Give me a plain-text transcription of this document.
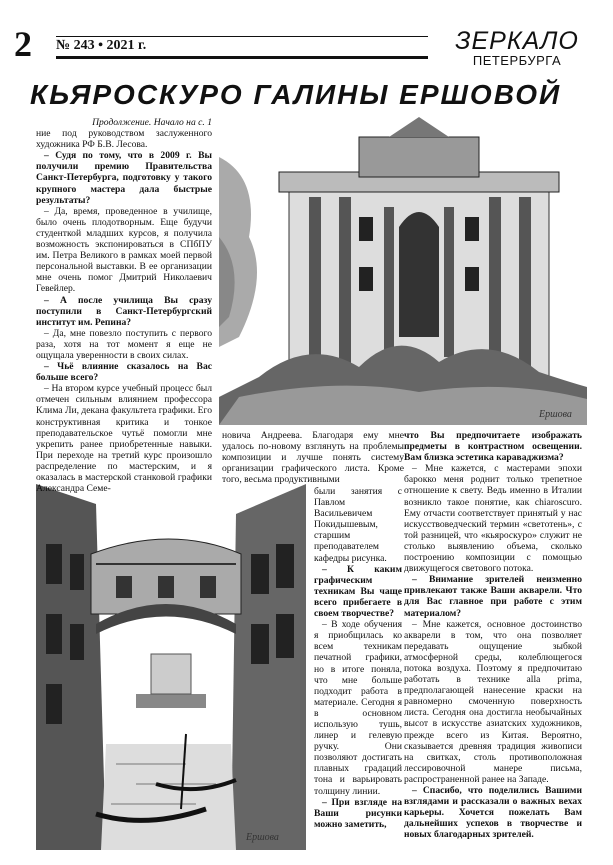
2 № 243 • 2021 г.	ЗЕРКАЛО
ПЕТЕРБУРГА
КЬЯРОСКУРО ГАЛИНЫ ЕРШОВОЙ
Ершова
Ершова

Продолжение. Начало на с. 1

ние под руководством заслуженного художника РФ Б.В. Лесова.

– Судя по тому, что в 2009 г. Вы получили премию Правительства Санкт-Петербурга, подготовку у такого крупного мастера дала быстрые результаты?

– Да, время, проведенное в училище, было очень плодотворным. Еще будучи студенткой младших курсов, я получила возможность экспонироваться в СПбПУ им. Петра Великого в рамках моей первой персональной выставки. В ее организации мне очень помог Дмитрий Николаевич Гевейлер.

– А после училища Вы сразу поступили в Санкт-Петербургский институт им. Репина?

– Да, мне повезло поступить с первого раза, хотя на тот момент я еще не ощущала уверенности в своих силах.

– Чьё влияние сказалось на Вас больше всего?

– На втором курсе учебный процесс был отмечен сильным влиянием профессора Клима Ли, декана факультета графики. Его конструктивная критика и тонкое преподавательское чутьё помогли мне укрепить ранее приобретенные навыки. При переходе на третий курс произошло распределение по мастерским, и я оказалась в мастерской станковой графики Александра Семе-

новича Андреева. Благодаря ему мне удалось по-новому взглянуть на проблемы композиции и лучше понять систему организации графического листа. Кроме того, весьма продуктивными

были занятия с Павлом Васильевичем Покидышевым, старшим преподавателем кафедры рисунка.

– К каким графическим техникам Вы чаще всего прибегаете в своем творчестве?

– В ходе обучения я приобщилась ко всем техникам печатной графики, но в итоге поняла, что мне больше подходит работа в материале. Сегодня я в основном использую тушь, линер и гелевую ручку. Они позволяют достигать плавных градаций тона и варьировать толщину линии.

– При взгляде на Ваши рисунки можно заметить,

что Вы предпочитаете изображать предметы в контрастном освещении. Вам близка эстетика караваджизма?

– Мне кажется, с мастерами эпохи барокко меня роднит только трепетное отношение к свету. Ведь именно в Италии возникло такое понятие, как chiaroscuro. Ему отчасти соответствует принятый у нас искусствоведческий термин «светотень», с той разницей, что «кьяроскуро» служит не столько выявлению объема, сколько построению композиции с помощью движущегося светового потока.

– Внимание зрителей неизменно привлекают также Ваши акварели. Что для Вас главное при работе с этим материалом?

– Мне кажется, основное достоинство акварели в том, что она позволяет передавать ощущение зыбкой атмосферной среды, колеблющегося потока воздуха. Поэтому я предпочитаю работать в технике alla prima, предполагающей нанесение краски на равномерно смоченную поверхность листа. Сегодня она достигла необычайных высот в искусстве азиатских художников, прежде всего из Китая. Вероятно, сказывается древняя традиция живописи на свитках, столь противоположная лессировочной манере письма, распространенной ранее на Западе.

– Спасибо, что поделились Вашими взглядами и рассказали о важных вехах карьеры. Хочется пожелать Вам дальнейших успехов в творчестве и новых благодарных зрителей.
